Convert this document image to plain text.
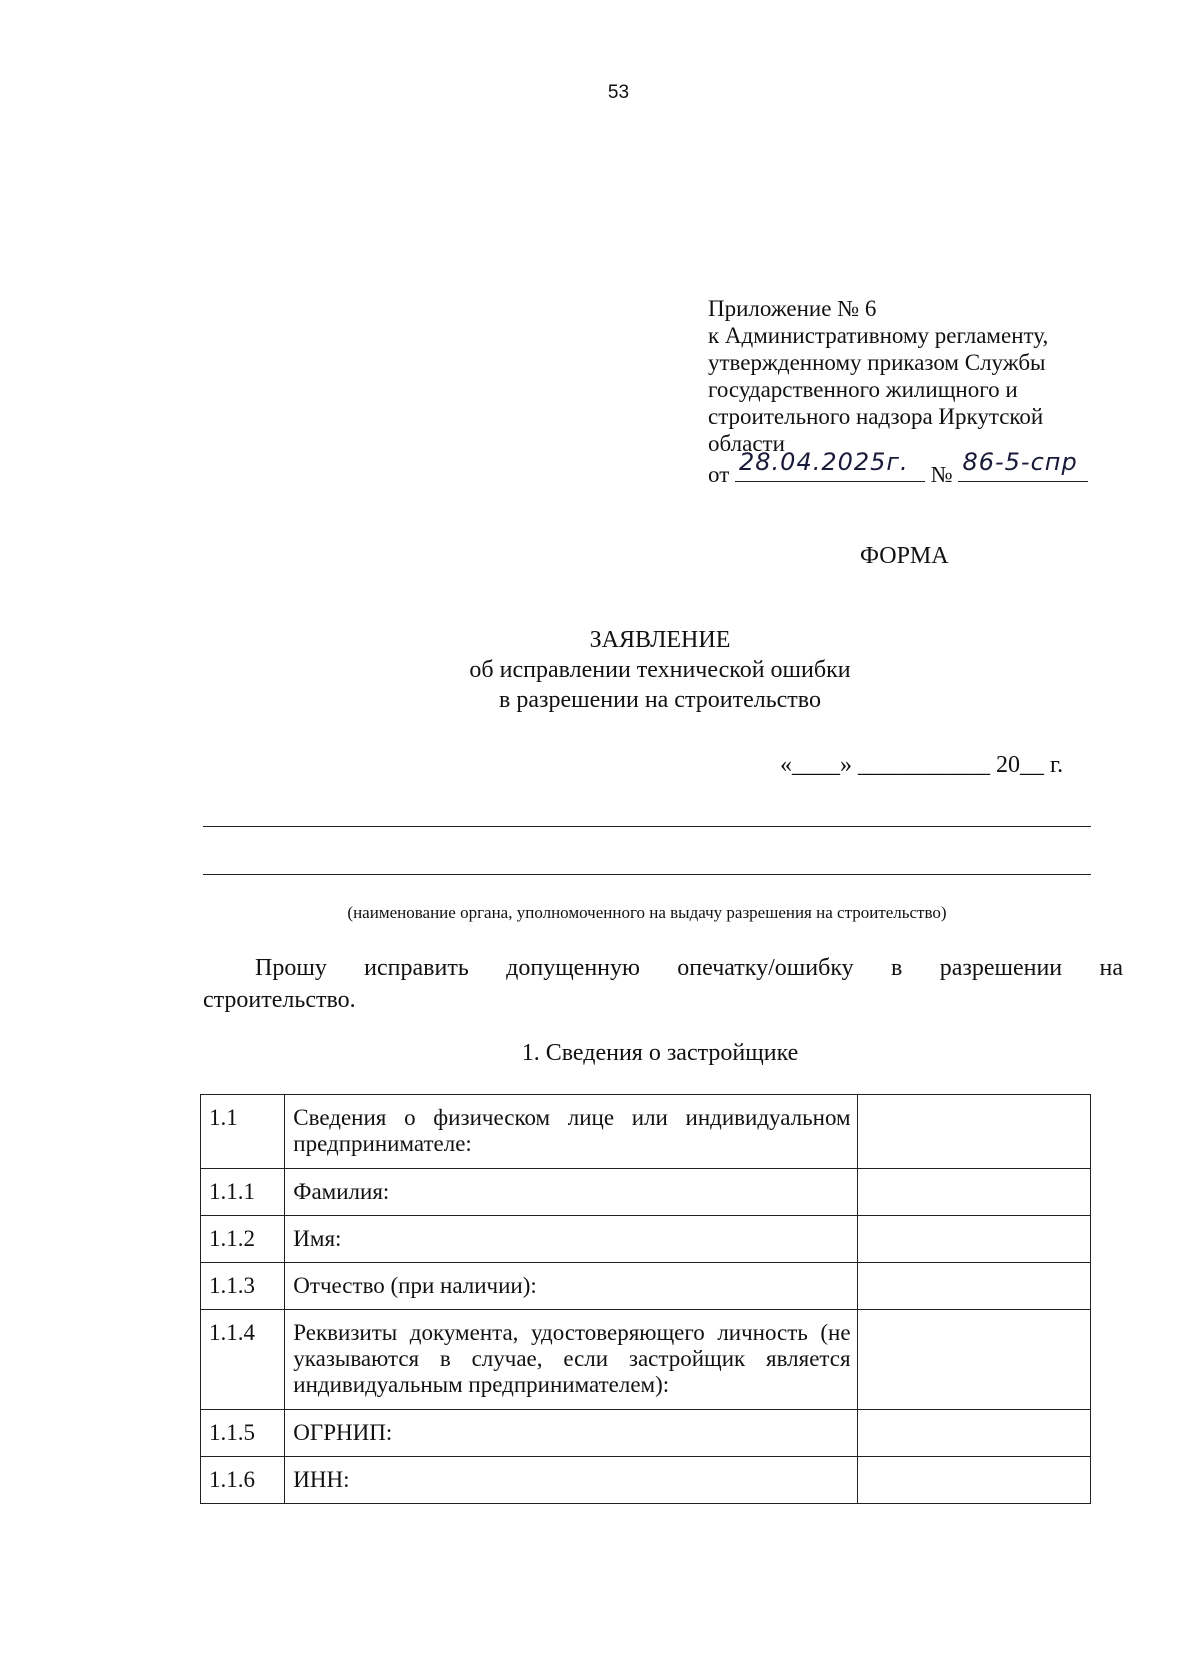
53
Приложение № 6
к Административному регламенту,
утвержденному приказом Службы
государственного жилищного и
строительного надзора Иркутской
области
от 28.04.2025г. № 86-5-спр
ФОРМА
ЗАЯВЛЕНИЕ
об исправлении технической ошибки
в разрешении на строительство
«____» ___________ 20__ г.
(наименование органа, уполномоченного на выдачу разрешения на строительство)
Прошу исправить допущенную опечатку/ошибку в разрешении на
строительство.
1. Сведения о застройщике
1.1	Сведения о физическом лице или индивидуальном предпринимателе:	
1.1.1	Фамилия:	
1.1.2	Имя:	
1.1.3	Отчество (при наличии):	
1.1.4	Реквизиты документа, удостоверяющего личность (не указываются в случае, если застройщик является индивидуальным предпринимателем):	
1.1.5	ОГРНИП:	
1.1.6	ИНН:	
